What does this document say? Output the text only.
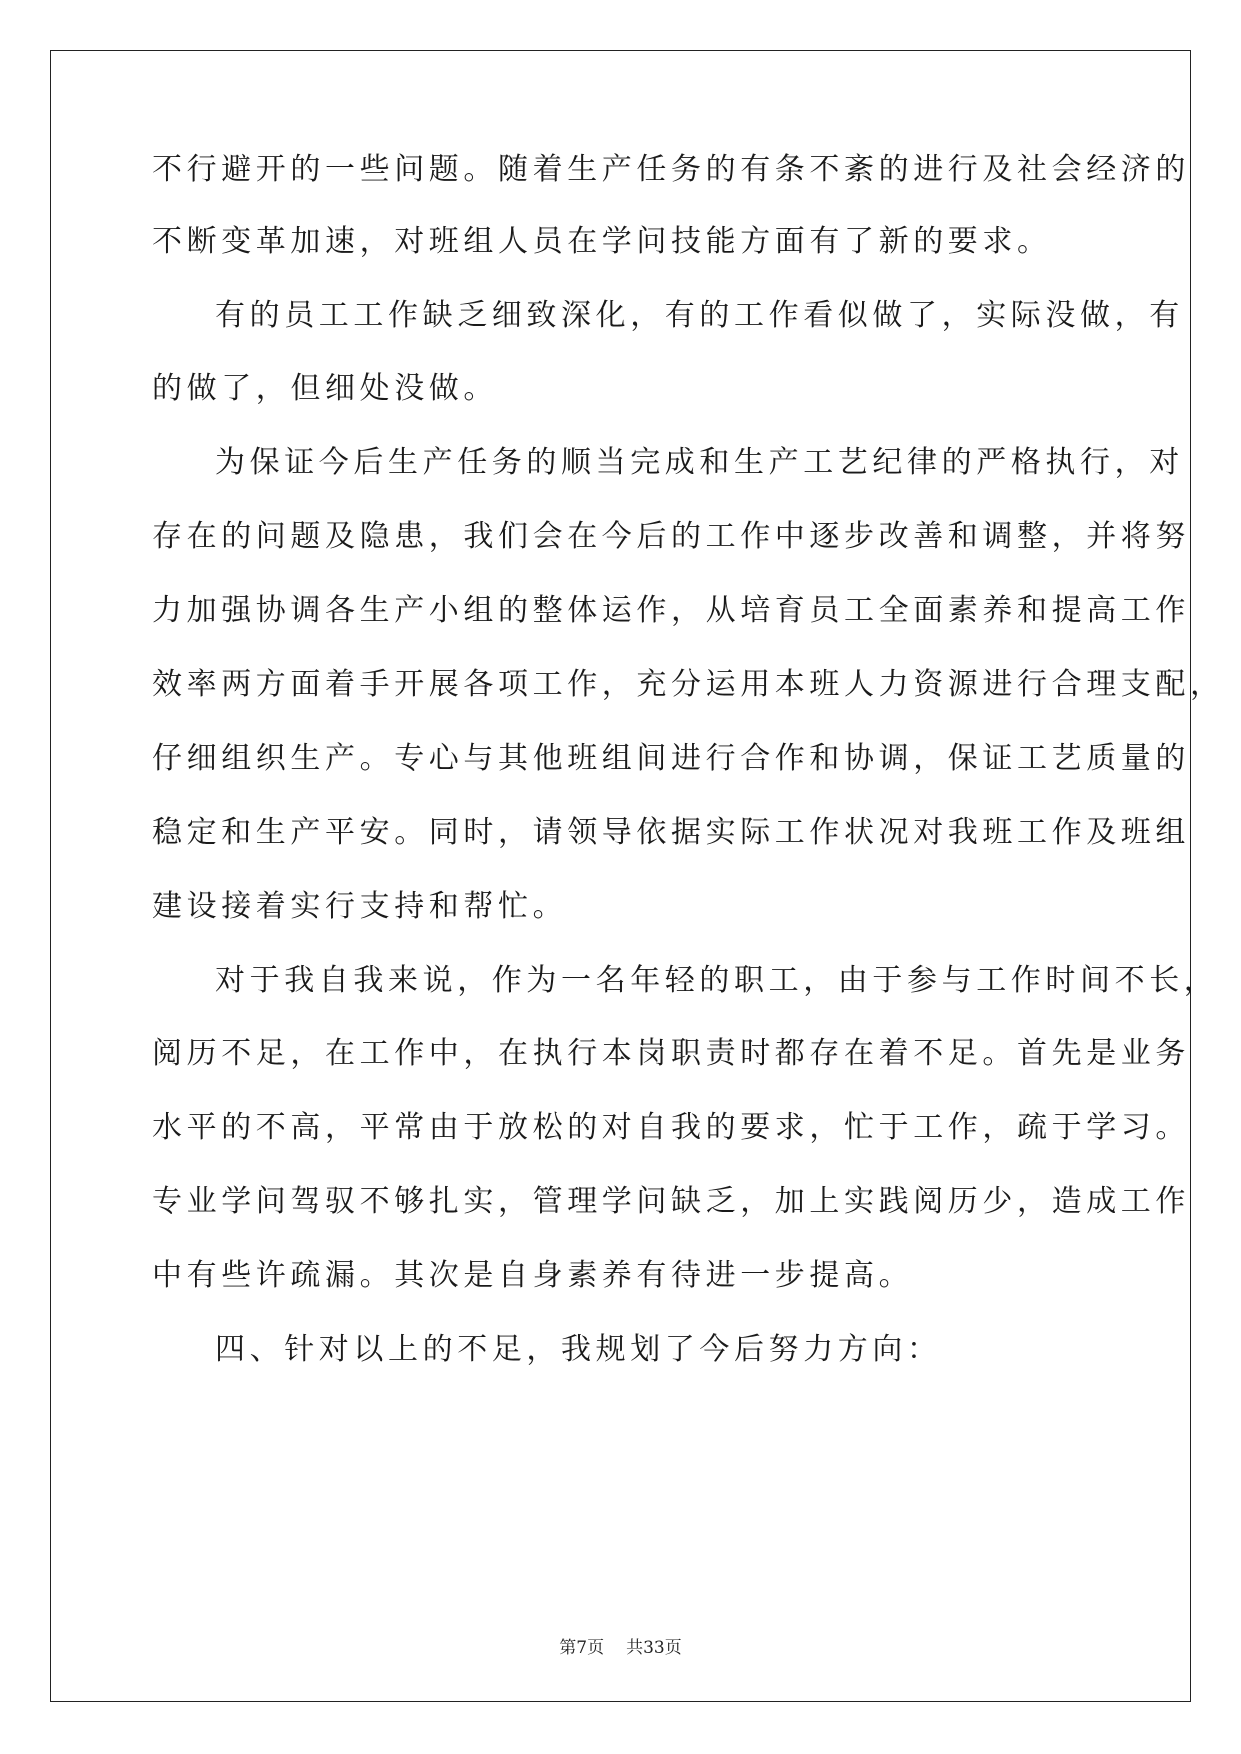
不行避开的一些问题。随着生产任务的有条不紊的进行及社会经济的
不断变革加速，对班组人员在学问技能方面有了新的要求。
有的员工工作缺乏细致深化，有的工作看似做了，实际没做，有
的做了，但细处没做。
为保证今后生产任务的顺当完成和生产工艺纪律的严格执行，对
存在的问题及隐患，我们会在今后的工作中逐步改善和调整，并将努
力加强协调各生产小组的整体运作，从培育员工全面素养和提高工作
效率两方面着手开展各项工作，充分运用本班人力资源进行合理支配，
仔细组织生产。专心与其他班组间进行合作和协调，保证工艺质量的
稳定和生产平安。同时，请领导依据实际工作状况对我班工作及班组
建设接着实行支持和帮忙。
对于我自我来说，作为一名年轻的职工，由于参与工作时间不长，
阅历不足，在工作中，在执行本岗职责时都存在着不足。首先是业务
水平的不高，平常由于放松的对自我的要求，忙于工作，疏于学习。
专业学问驾驭不够扎实，管理学问缺乏，加上实践阅历少，造成工作
中有些许疏漏。其次是自身素养有待进一步提高。
四、针对以上的不足，我规划了今后努力方向：
第7页 共33页
